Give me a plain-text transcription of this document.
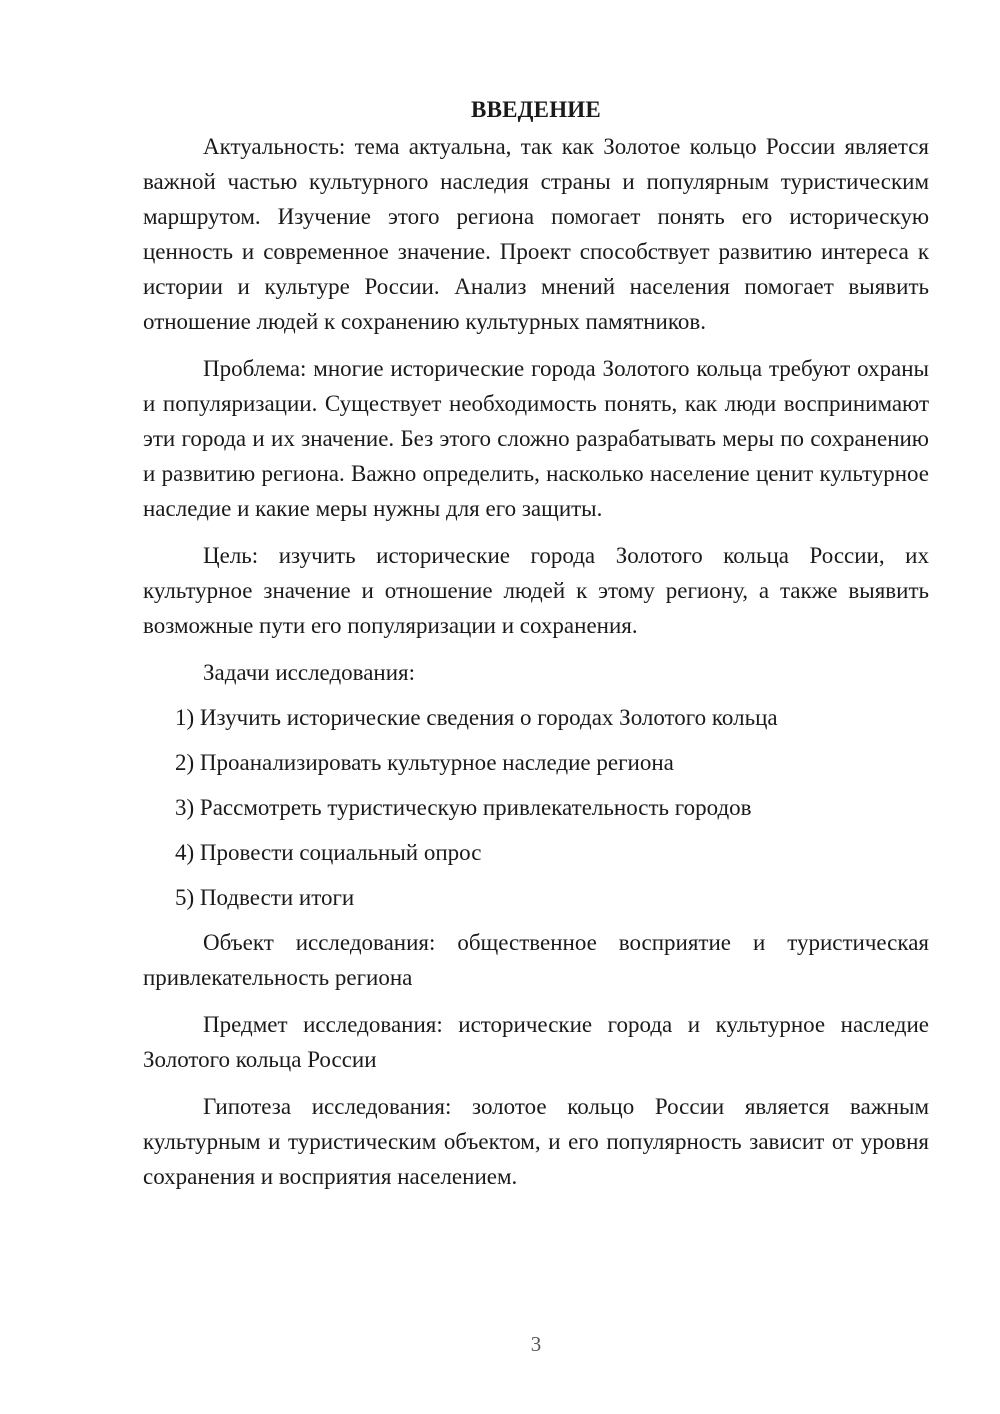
ВВЕДЕНИЕ

Актуальность: тема актуальна, так как Золотое кольцо России является важной частью культурного наследия страны и популярным туристическим маршрутом. Изучение этого региона помогает понять его историческую ценность и современное значение. Проект способствует развитию интереса к истории и культуре России. Анализ мнений населения помогает выявить отношение людей к сохранению культурных памятников.

Проблема: многие исторические города Золотого кольца требуют охраны и популяризации. Существует необходимость понять, как люди воспринимают эти города и их значение. Без этого сложно разрабатывать меры по сохранению и развитию региона. Важно определить, насколько население ценит культурное наследие и какие меры нужны для его защиты.

Цель: изучить исторические города Золотого кольца России, их культурное значение и отношение людей к этому региону, а также выявить возможные пути его популяризации и сохранения.

Задачи исследования:

1) Изучить исторические сведения о городах Золотого кольца
2) Проанализировать культурное наследие региона
3) Рассмотреть туристическую привлекательность городов
4) Провести социальный опрос
5) Подвести итоги

Объект исследования: общественное восприятие и туристическая привлекательность региона

Предмет исследования: исторические города и культурное наследие Золотого кольца России

Гипотеза исследования: золотое кольцо России является важным культурным и туристическим объектом, и его популярность зависит от уровня сохранения и восприятия населением.

3
